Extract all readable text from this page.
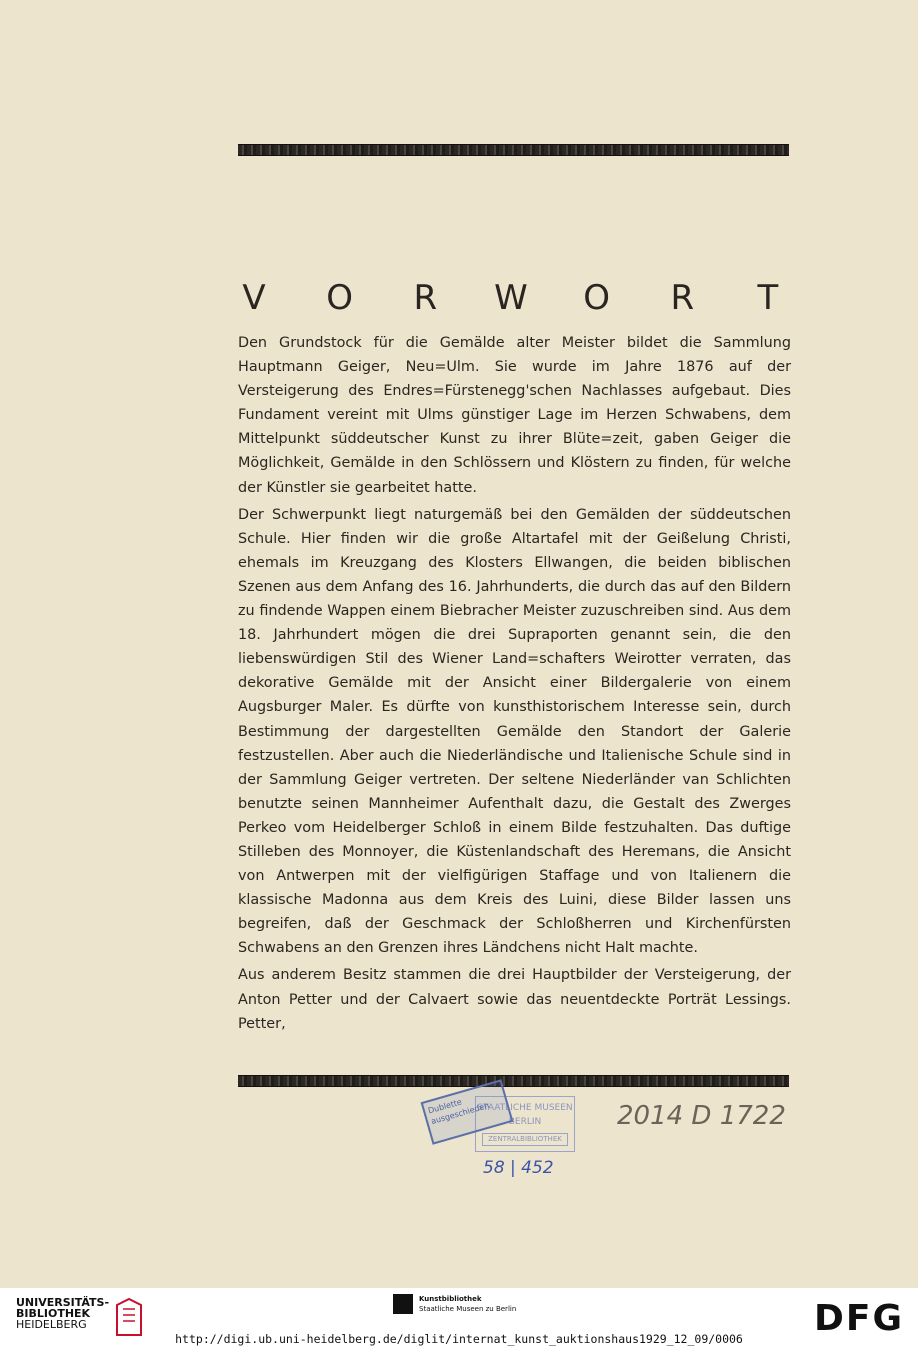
V	O	R	W	O	R	T

Den Grundstock für die Gemälde alter Meister bildet die Sammlung Hauptmann Geiger, Neu=Ulm. Sie wurde im Jahre 1876 auf der Versteigerung des Endres=Fürstenegg'schen Nachlasses aufgebaut. Dies Fundament vereint mit Ulms günstiger Lage im Herzen Schwabens, dem Mittelpunkt süddeutscher Kunst zu ihrer Blüte=zeit, gaben Geiger die Möglichkeit, Gemälde in den Schlössern und Klöstern zu finden, für welche der Künstler sie gearbeitet hatte.

Der Schwerpunkt liegt naturgemäß bei den Gemälden der süddeutschen Schule. Hier finden wir die große Altartafel mit der Geißelung Christi, ehemals im Kreuzgang des Klosters Ellwangen, die beiden biblischen Szenen aus dem Anfang des 16. Jahrhunderts, die durch das auf den Bildern zu findende Wappen einem Biebracher Meister zuzuschreiben sind. Aus dem 18. Jahrhundert mögen die drei Supraporten genannt sein, die den liebenswürdigen Stil des Wiener Land=schafters Weirotter verraten, das dekorative Gemälde mit der Ansicht einer Bildergalerie von einem Augsburger Maler. Es dürfte von kunsthistorischem Interesse sein, durch Bestimmung der dargestellten Gemälde den Standort der Galerie festzustellen. Aber auch die Niederländische und Italienische Schule sind in der Sammlung Geiger vertreten. Der seltene Niederländer van Schlichten benutzte seinen Mannheimer Aufenthalt dazu, die Gestalt des Zwerges Perkeo vom Heidelberger Schloß in einem Bilde festzuhalten. Das duftige Stilleben des Monnoyer, die Küstenlandschaft des Heremans, die Ansicht von Antwerpen mit der vielfigürigen Staffage und von Italienern die klassische Madonna aus dem Kreis des Luini, diese Bilder lassen uns begreifen, daß der Geschmack der Schloßherren und Kirchenfürsten Schwabens an den Grenzen ihres Ländchens nicht Halt machte.

Aus anderem Besitz stammen die drei Hauptbilder der Versteigerung, der Anton Petter und der Calvaert sowie das neuentdeckte Porträt Lessings. Petter,

STAATLICHE MUSEEN
BERLIN
ZENTRALBIBLIOTHEK
Dublette ausgeschieden	2014 D 1722
58 | 452
UNIVERSITÄTS-
BIBLIOTHEK
HEIDELBERG
Kunstbibliothek
Staatliche Museen zu Berlin	DFG
http://digi.ub.uni-heidelberg.de/diglit/internat_kunst_auktionshaus1929_12_09/0006
